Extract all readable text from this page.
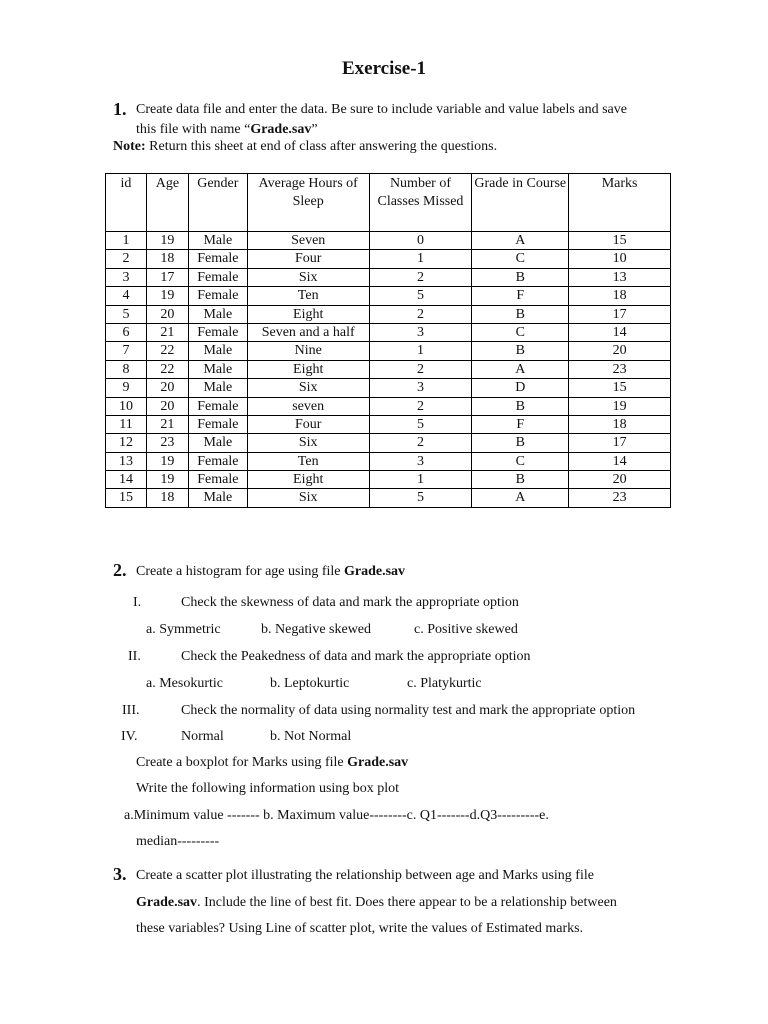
Exercise-1
1. Create data file and enter the data. Be sure to include variable and value labels and save
this file with name “Grade.sav”
Note: Return this sheet at end of class after answering the questions.
id	Age	Gender	Average Hours of Sleep	Number of Classes Missed	Grade in Course	Marks
1	19	Male	Seven	0	A	15
2	18	Female	Four	1	C	10
3	17	Female	Six	2	B	13
4	19	Female	Ten	5	F	18
5	20	Male	Eight	2	B	17
6	21	Female	Seven and a half	3	C	14
7	22	Male	Nine	1	B	20
8	22	Male	Eight	2	A	23
9	20	Male	Six	3	D	15
10	20	Female	seven	2	B	19
11	21	Female	Four	5	F	18
12	23	Male	Six	2	B	17
13	19	Female	Ten	3	C	14
14	19	Female	Eight	1	B	20
15	18	Male	Six	5	A	23
2. Create a histogram for age using file Grade.sav
I.	Check the skewness of data and mark the appropriate option
a. Symmetric	b. Negative skewed	c. Positive skewed
II.	Check the Peakedness of data and mark the appropriate option
a. Mesokurtic	b. Leptokurtic	c. Platykurtic
III.	Check the normality of data using normality test and mark the appropriate option
IV.	Normal	b. Not Normal
Create a boxplot for Marks using file Grade.sav
Write the following information using box plot
a.Minimum value ------- b. Maximum value--------c. Q1-------d.Q3---------e.
median---------
3. Create a scatter plot illustrating the relationship between age and Marks using file
Grade.sav. Include the line of best fit. Does there appear to be a relationship between
these variables? Using Line of scatter plot, write the values of Estimated marks.
